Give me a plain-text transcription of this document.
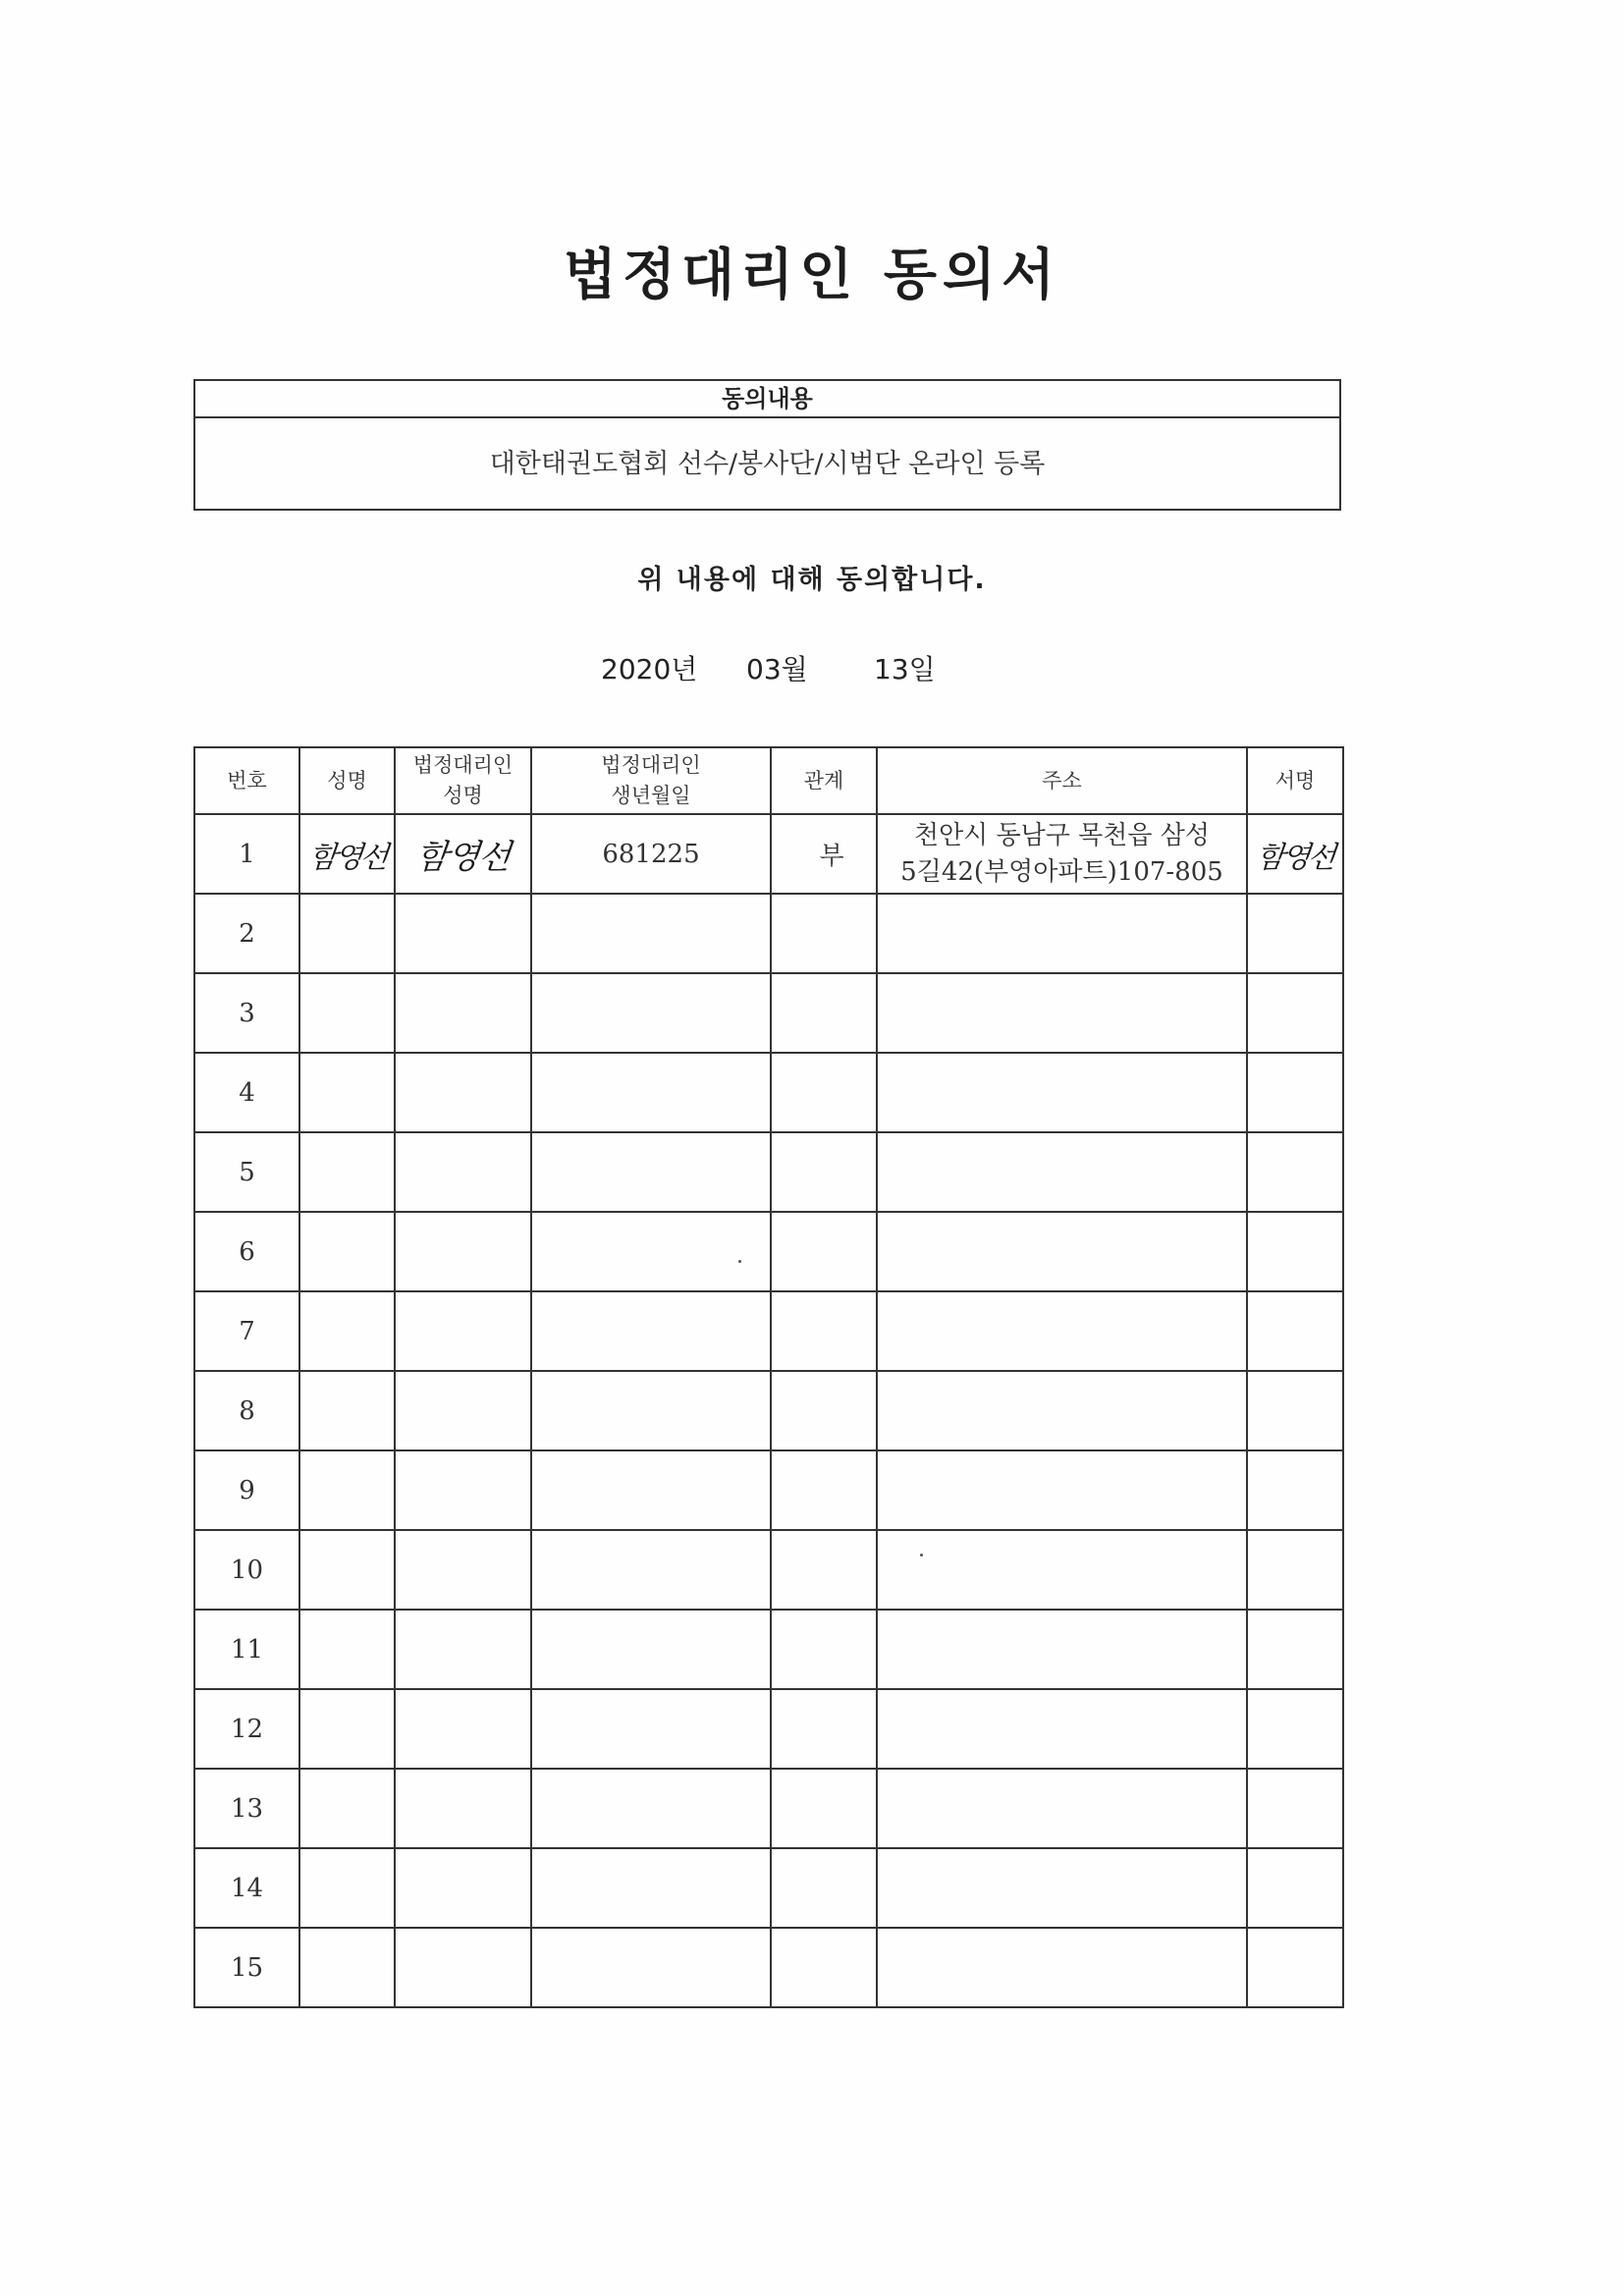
법정대리인 동의서
동의내용
대한태권도협회 선수/봉사단/시범단 온라인 등록
위 내용에 대해 동의합니다.
2020년 03월 13일
번호	성명	법정대리인 성명	법정대리인 생년월일	관계	주소	서명
1	함영선	함영선	681225	부	천안시 동남구 목천읍 삼성
5길42(부영아파트)107-805	함영선
2						
3						
4						
5						
6						
7						
8						
9						
10						
11						
12						
13						
14						
15						
